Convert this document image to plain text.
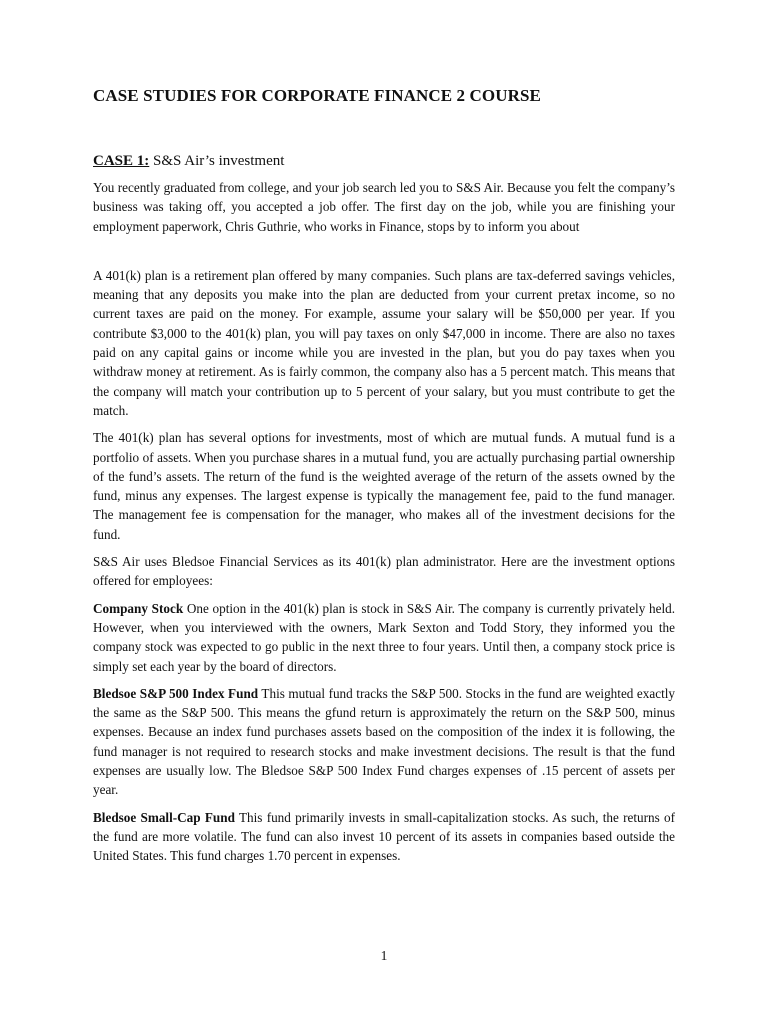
CASE STUDIES FOR CORPORATE FINANCE 2 COURSE
CASE 1: S&S Air’s investment

You recently graduated from college, and your job search led you to S&S Air. Because you felt the company’s business was taking off, you accepted a job offer. The first day on the job, while you are finishing your employment paperwork, Chris Guthrie, who works in Finance, stops by to inform you about

A 401(k) plan is a retirement plan offered by many companies. Such plans are tax-deferred savings vehicles, meaning that any deposits you make into the plan are deducted from your current pretax income, so no current taxes are paid on the money. For example, assume your salary will be $50,000 per year. If you contribute $3,000 to the 401(k) plan, you will pay taxes on only $47,000 in income. There are also no taxes paid on any capital gains or income while you are invested in the plan, but you do pay taxes when you withdraw money at retirement. As is fairly common, the company also has a 5 percent match. This means that the company will match your contribution up to 5 percent of your salary, but you must contribute to get the match.

The 401(k) plan has several options for investments, most of which are mutual funds. A mutual fund is a portfolio of assets. When you purchase shares in a mutual fund, you are actually purchasing partial ownership of the fund’s assets. The return of the fund is the weighted average of the return of the assets owned by the fund, minus any expenses. The largest expense is typically the management fee, paid to the fund manager. The management fee is compensation for the manager, who makes all of the investment decisions for the fund.

S&S Air uses Bledsoe Financial Services as its 401(k) plan administrator. Here are the investment options offered for employees:

Company Stock One option in the 401(k) plan is stock in S&S Air. The company is currently privately held. However, when you interviewed with the owners, Mark Sexton and Todd Story, they informed you the company stock was expected to go public in the next three to four years. Until then, a company stock price is simply set each year by the board of directors.

Bledsoe S&P 500 Index Fund This mutual fund tracks the S&P 500. Stocks in the fund are weighted exactly the same as the S&P 500. This means the gfund return is approximately the return on the S&P 500, minus expenses. Because an index fund purchases assets based on the composition of the index it is following, the fund manager is not required to research stocks and make investment decisions. The result is that the fund expenses are usually low. The Bledsoe S&P 500 Index Fund charges expenses of .15 percent of assets per year.

Bledsoe Small-Cap Fund This fund primarily invests in small-capitalization stocks. As such, the returns of the fund are more volatile. The fund can also invest 10 percent of its assets in companies based outside the United States. This fund charges 1.70 percent in expenses.

1
